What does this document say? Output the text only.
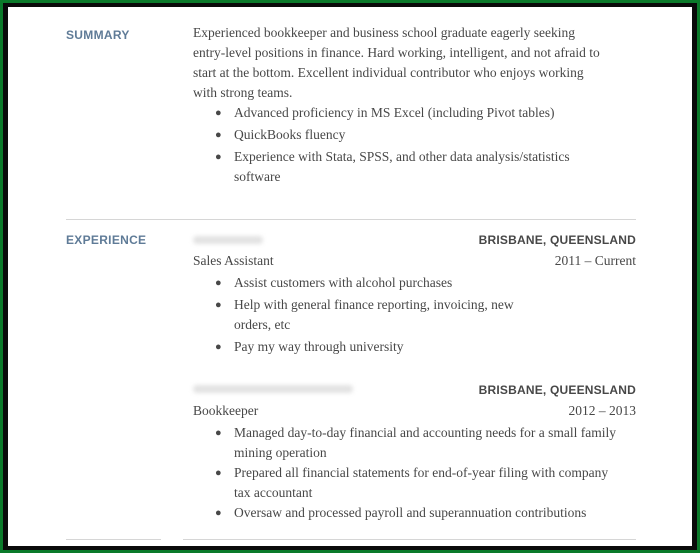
SUMMARY	Experienced bookkeeper and business school graduate eagerly seeking
entry-level positions in finance. Hard working, intelligent, and not afraid to
start at the bottom. Excellent individual contributor who enjoys working
with strong teams.
● Advanced proficiency in MS Excel (including Pivot tables)
● QuickBooks fluency
● Experience with Stata, SPSS, and other data analysis/statistics
software
EXPERIENCE	BRISBANE, QUEENSLAND
Sales Assistant	2011 – Current
● Assist customers with alcohol purchases
● Help with general finance reporting, invoicing, new
orders, etc
● Pay my way through university
BRISBANE, QUEENSLAND
Bookkeeper	2012 – 2013
● Managed day-to-day financial and accounting needs for a small family
mining operation
● Prepared all financial statements for end-of-year filing with company
tax accountant
● Oversaw and processed payroll and superannuation contributions
